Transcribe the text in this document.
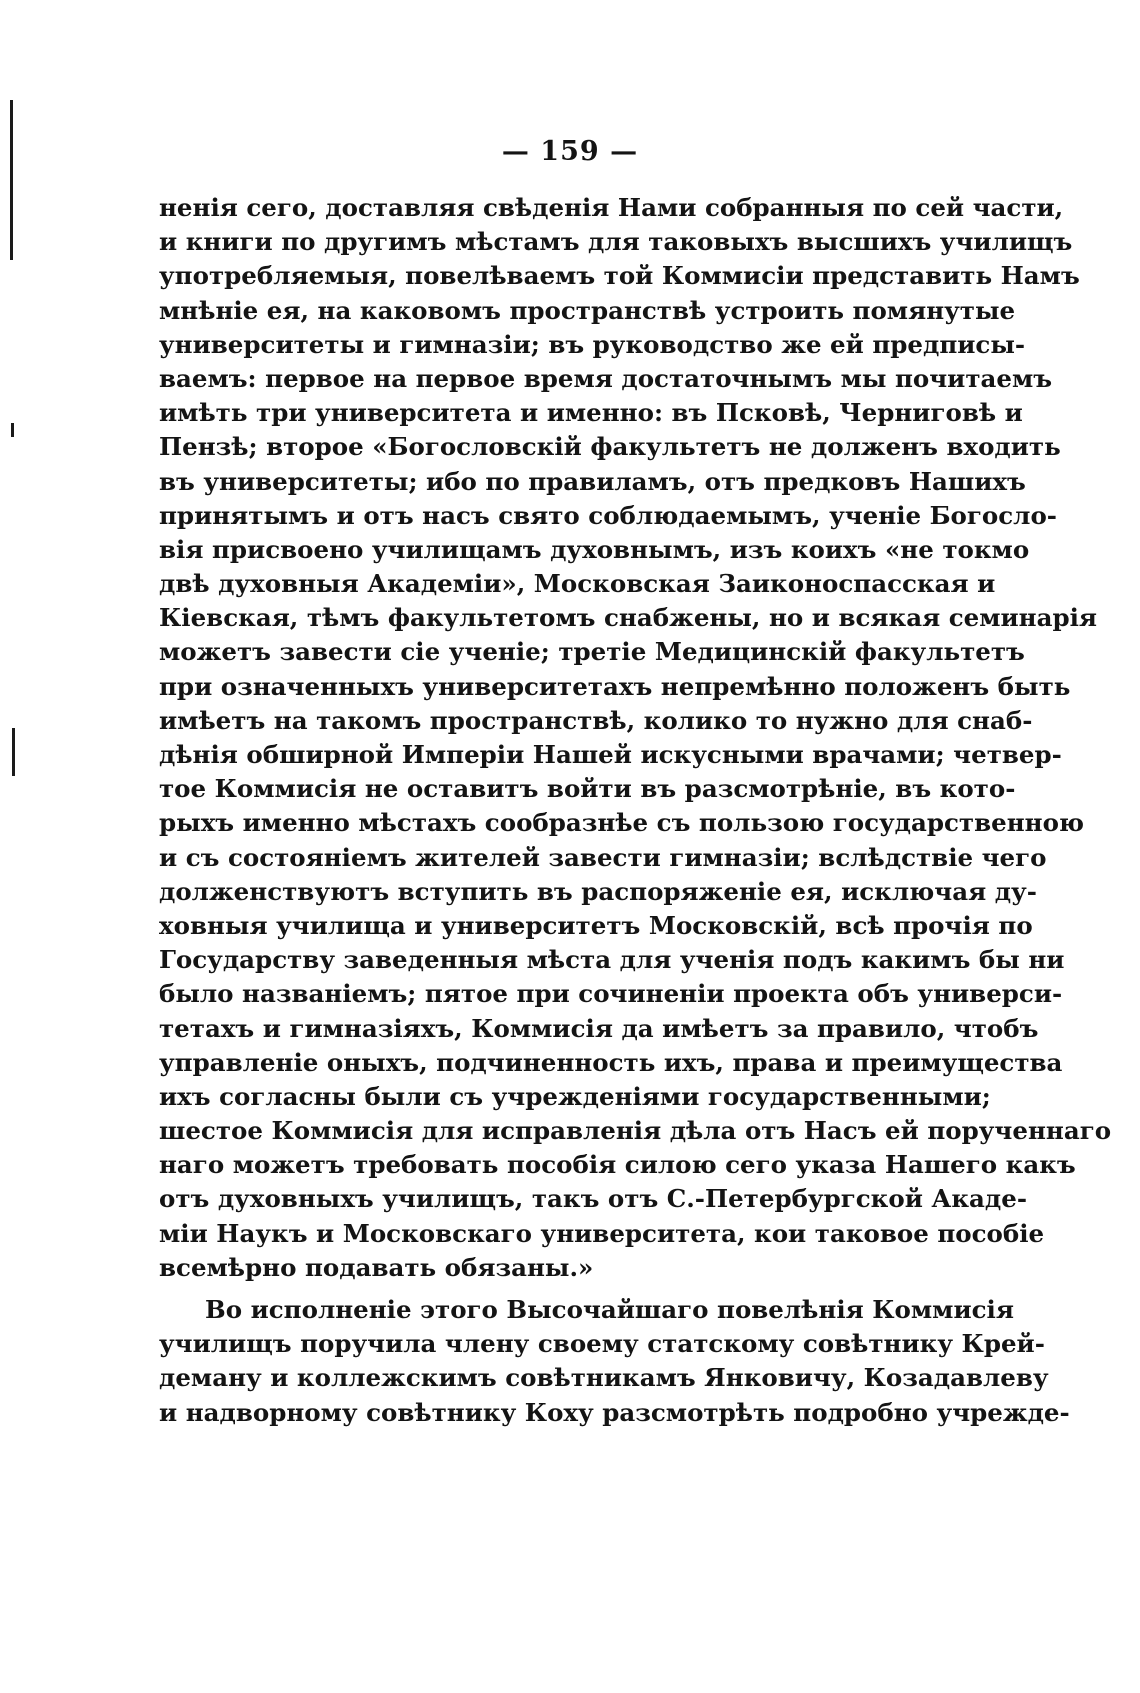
— 159 —
нeнiя сего, доставляя свѣденiя Нами собранныя по сей части,
и книги по другимъ мѣстамъ для таковыхъ высшихъ училищъ
употребляемыя, повелѣваемъ той Коммисiи представить Намъ
мнѣнiе ея, на каковомъ пространствѣ устроить помянутые
университеты и гимназiи; въ руководство же ей предписы-
ваемъ: первое на первое время достаточнымъ мы почитаемъ
имѣть три университета и именно: въ Псковѣ, Черниговѣ и
Пензѣ; второе «Богословскiй факультетъ не долженъ входить
въ университеты; ибо по правиламъ, отъ предковъ Нашихъ
принятымъ и отъ насъ свято соблюдаемымъ, ученiе Богосло-
вiя присвоено училищамъ духовнымъ, изъ коихъ «не токмо
двѣ духовныя Академiи», Московская Заиконоспасская и
Кiевская, тѣмъ факультетомъ снабжены, но и всякая семинарiя
можетъ завести сiе ученiе; третiе Медицинскiй факультетъ
при означенныхъ университетахъ непремѣнно положенъ быть
имѣетъ на такомъ пространствѣ, колико то нужно для снаб-
дѣнiя обширной Имперiи Нашей искусными врачами; четвер-
тое Коммисiя не оставитъ войти въ разсмотрѣнiе, въ кото-
рыхъ именно мѣстахъ сообразнѣе съ пользою государственною
и съ состоянiемъ жителей завести гимназiи; вслѣдствiе чего
долженствуютъ вступить въ распоряженiе ея, исключая ду-
ховныя училища и университетъ Московскiй, всѣ прочiя по
Государству заведенныя мѣста для ученiя подъ какимъ бы ни
было названiемъ; пятое при сочиненiи проекта объ универси-
тетахъ и гимназiяхъ, Коммисiя да имѣетъ за правило, чтобъ
управленiе оныхъ, подчиненность ихъ, права и преимущества
ихъ согласны были съ учрежденiями государственными;
шестое Коммисiя для исправленiя дѣла отъ Насъ ей порученнаго
наго можетъ требовать пособiя силою сего указа Нашего какъ
отъ духовныхъ училищъ, такъ отъ С.-Петербургской Акаде-
мiи Наукъ и Московскаго университета, кои таковое пособiе
всемѣрно подавать обязаны.»
Во исполненiе этого Высочайшаго повелѣнiя Коммисiя
училищъ поручила члену своему статскому совѣтнику Крей-
деману и коллежскимъ совѣтникамъ Янковичу, Козадавлеву
и надворному совѣтнику Коху разсмотрѣть подробно учрежде-
